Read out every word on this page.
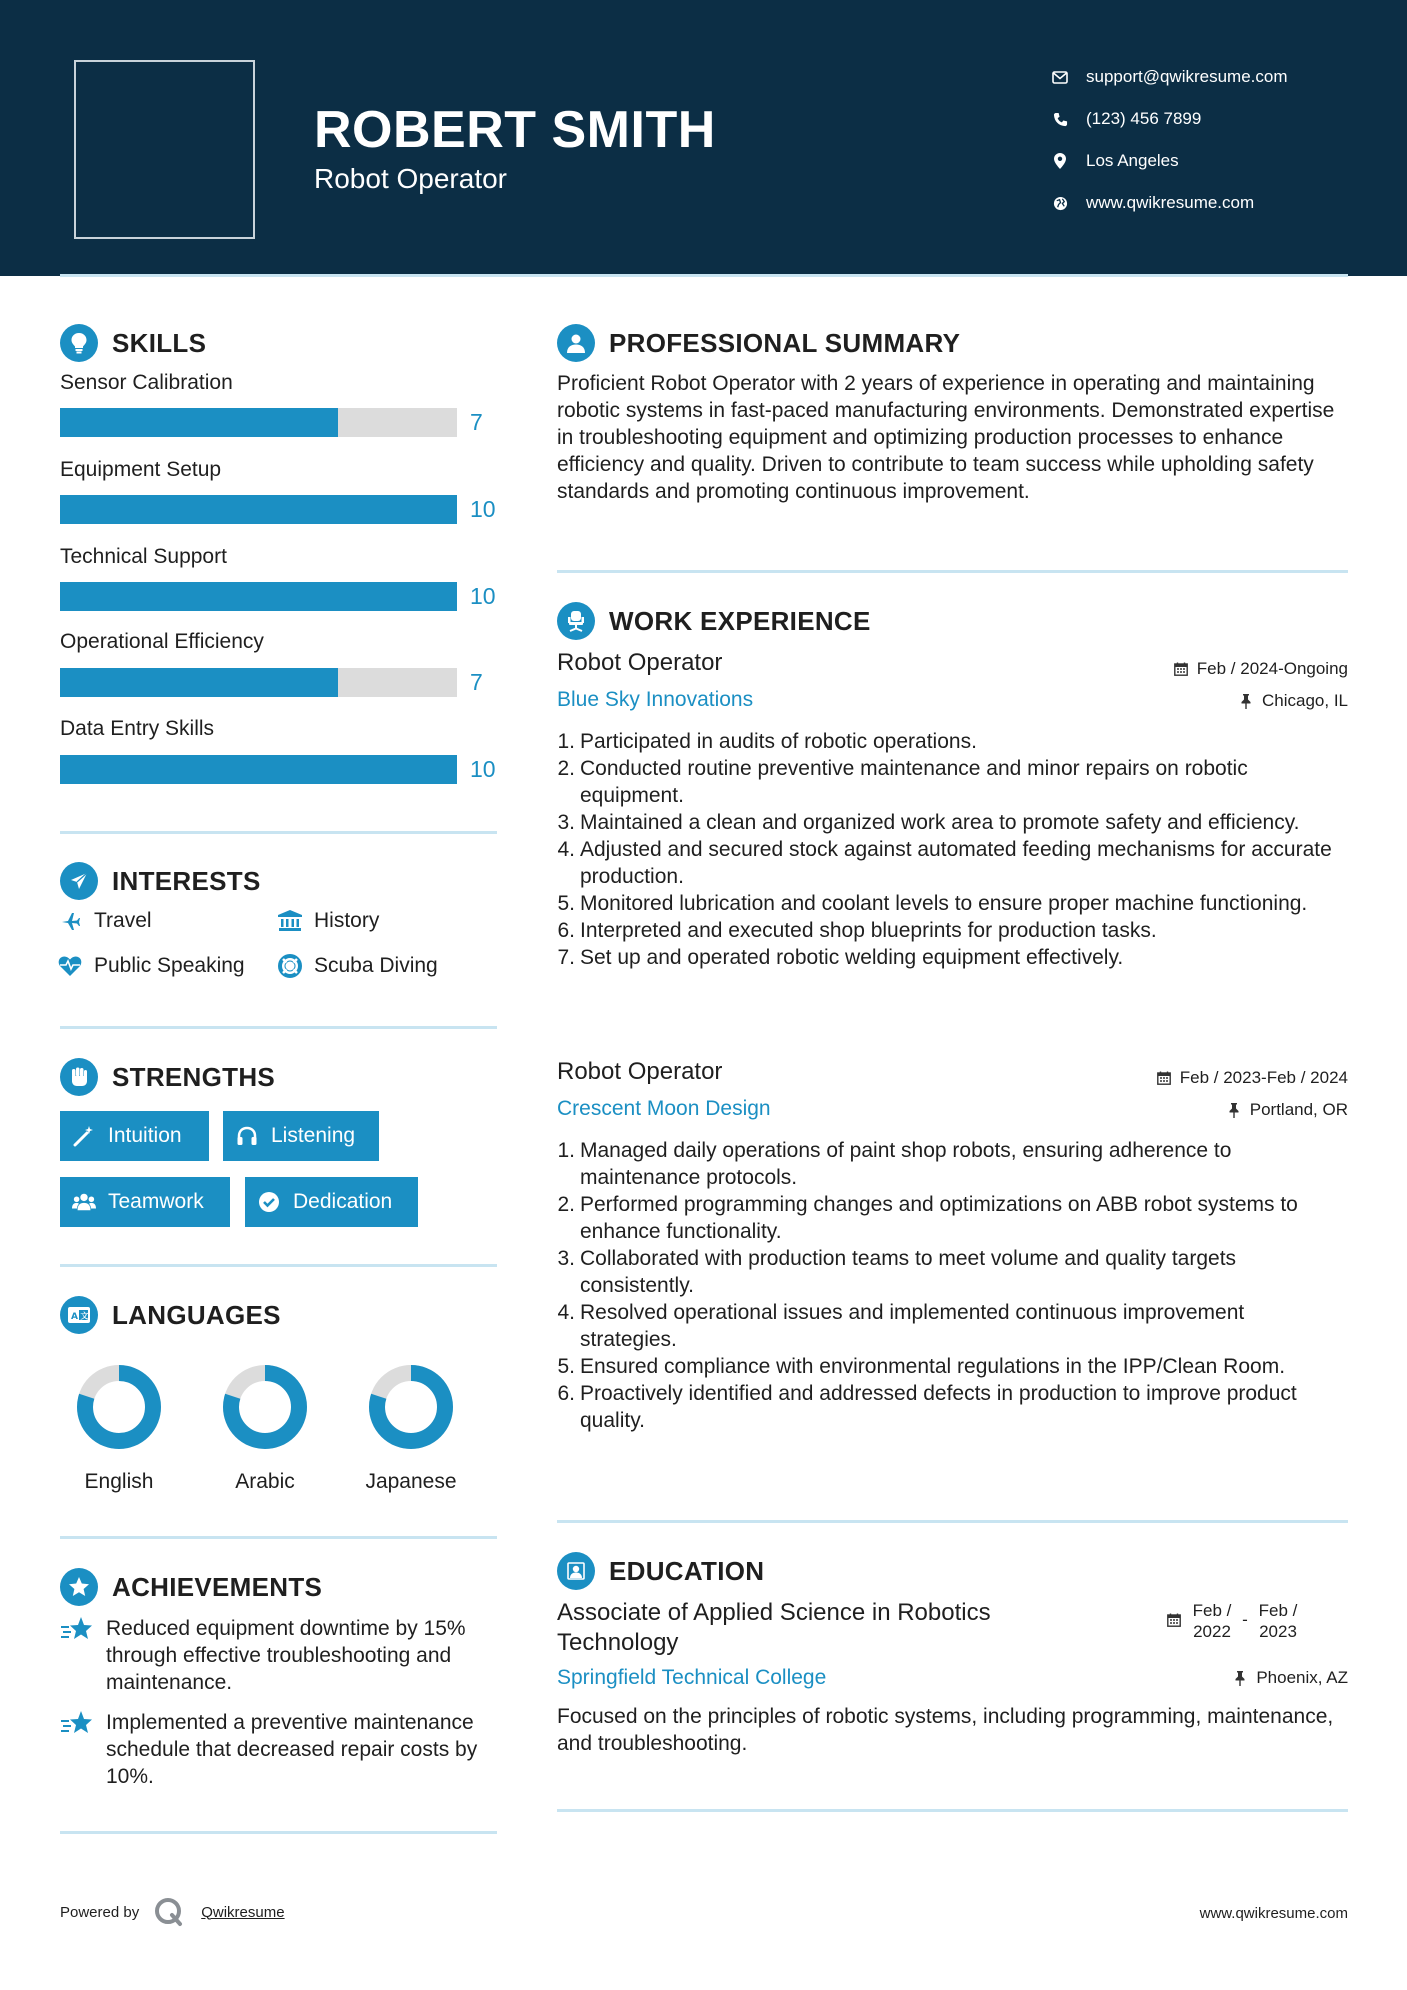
ROBERT SMITH
Robot Operator
support@qwikresume.com
(123) 456 7899
Los Angeles
www.qwikresume.com
SKILLS
Sensor Calibration
7
Equipment Setup
10
Technical Support
10
Operational Efficiency
7
Data Entry Skills
10
INTERESTS
Travel	History
Public Speaking	Scuba Diving
STRENGTHS
Intuition	Listening
Teamwork	Dedication
A 文 LANGUAGES
English	Arabic	Japanese
ACHIEVEMENTS
Reduced equipment downtime by 15% through effective troubleshooting and maintenance.
Implemented a preventive maintenance schedule that decreased repair costs by 10%.
PROFESSIONAL SUMMARY
Proficient Robot Operator with 2 years of experience in operating and maintaining robotic systems in fast-paced manufacturing environments. Demonstrated expertise in troubleshooting equipment and optimizing production processes to enhance efficiency and quality. Driven to contribute to team success while upholding safety standards and promoting continuous improvement.
WORK EXPERIENCE
Robot Operator	Feb / 2024-Ongoing
Blue Sky Innovations	Chicago, IL
1. Participated in audits of robotic operations.
2. Conducted routine preventive maintenance and minor repairs on robotic equipment.
3. Maintained a clean and organized work area to promote safety and efficiency.
4. Adjusted and secured stock against automated feeding mechanisms for accurate production.
5. Monitored lubrication and coolant levels to ensure proper machine functioning.
6. Interpreted and executed shop blueprints for production tasks.
7. Set up and operated robotic welding equipment effectively.
Robot Operator	Feb / 2023-Feb / 2024
Crescent Moon Design	Portland, OR
1. Managed daily operations of paint shop robots, ensuring adherence to maintenance protocols.
2. Performed programming changes and optimizations on ABB robot systems to enhance functionality.
3. Collaborated with production teams to meet volume and quality targets consistently.
4. Resolved operational issues and implemented continuous improvement strategies.
5. Ensured compliance with environmental regulations in the IPP/Clean Room.
6. Proactively identified and addressed defects in production to improve product quality.
EDUCATION
Associate of Applied Science in Robotics Technology
Feb / 2022
- Feb / 2023
Springfield Technical College	Phoenix, AZ
Focused on the principles of robotic systems, including programming, maintenance, and troubleshooting.
Powered by	Qwikresume	www.qwikresume.com
